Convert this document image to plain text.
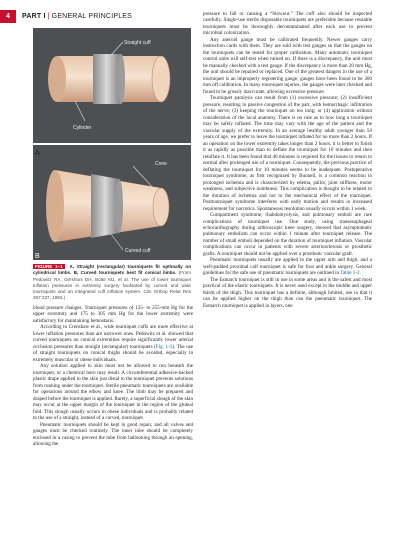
4	PART I | GENERAL PRINCIPLES
Straight cuff
Cylinder
Cone
Curved cuff
A
B
FIGURE 1–1 A, Straight (rectangular) tourniquets fit optimally on cylindrical limbs. B, Curved tourniquets best fit conical limbs. (From Pedowitz RA, Gershuni DH, Botte MJ, et al. The use of lower tourniquet inflation pressures in extremity surgery facilitated by curved and wide tourniquets and an integrated cuff inflation system. Clin Orthop Relat Res 287:237, 1993.)

blood pressure changes. Tourniquet pressures of 135- to 255-mm Hg for the upper extremity and 175 to 305 mm Hg for the lower extremity were satisfactory for maintaining hemostasis.

According to Crenshaw et al., wide tourniquet cuffs are more effective at lower inflation pressures than are narrower ones. Pedowitz et al. showed that curved tourniquets on conical extremities require significantly lower arterial occlusion pressures than straight (rectangular) tourniquets (Fig. 1-1). The use of straight tourniquets on conical thighs should be avoided, especially in extremely muscular or obese individuals.

Any solution applied to skin must not be allowed to run beneath the tourniquet, or a chemical burn may result. A circumferential adhesive-backed plastic drape applied to the skin just distal to the tourniquet prevents solutions from running under the tourniquet. Sterile pneumatic tourniquets are available for operations around the elbow and knee. The limb may be prepared and draped before the tourniquet is applied. Rarely, a superficial slough of the skin may occur at the upper margin of the tourniquet in the region of the gluteal fold. This slough usually occurs in obese individuals and is probably related to the use of a straight, instead of a curved, tourniquet.

Pneumatic tourniquets should be kept in good repair, and all valves and gauges must be checked routinely. The inner tube should be completely enclosed in a casing to prevent the tube from ballooning through an opening, allowing the

pressure to fall or causing a “blowout.” The cuff also should be inspected carefully. Single-use sterile disposable tourniquets are preferable because reusable tourniquets must be thoroughly decontaminated after each use to prevent microbial colonization.

Any aneroid gauge must be calibrated frequently. Newer gauges carry instruction cards with them. They are sold with test gauges so that the gauges on the tourniquets can be tested for proper calibration. Many automatic tourniquet control units will self-test when turned on. If there is a discrepancy, the unit must be manually checked with a test gauge. If the discrepancy is more than 20 mm Hg, the unit should be repaired or replaced. One of the greatest dangers in the use of a tourniquet is an improperly registering gauge, gauges have been found to be 300 mm off calibration. In many tourniquet injuries, the gauges were later checked and found to be grossly inaccurate, allowing excessive pressure.

Tourniquet paralysis can result from (1) excessive pressure; (2) insufficient pressure, resulting in passive congestion of the part, with hemorrhagic infiltration of the nerve; (3) keeping the tourniquet on too long; or (4) application without consideration of the local anatomy. There is no rule as to how long a tourniquet may be safely inflated. The time may vary with the age of the patient and the vascular supply of the extremity. In an average healthy adult younger than 50 years of age, we prefer to leave the tourniquet inflated for no more than 2 hours. If an operation on the lower extremity takes longer than 2 hours, it is better to finish it as rapidly as possible than to deflate the tourniquet for 10 minutes and then reinflate it. It has been found that 40 minutes is required for the tissues to return to normal after prolonged use of a tourniquet. Consequently, the previous practice of deflating the tourniquet for 10 minutes seems to be inadequate. Postoperative tourniquet syndrome, as first recognized by Bunnell, is a common reaction to prolonged ischemia and is characterized by edema, pallor, joint stiffness, motor weakness, and subjective numbness. This complication is thought to be related to the duration of ischemia and not to the mechanical effect of the tourniquet. Posttourniquet syndrome interferes with early motion and results in increased requirement for narcotics. Spontaneous resolution usually occurs within 1 week.

Compartment syndrome, rhabdomyolysis, and pulmonary emboli are rare complications of tourniquet use. One study, using transesophageal echocardiography during arthroscopic knee surgery, showed that asymptomatic pulmonary embolism can occur within 1 minute after tourniquet release. The number of small emboli depended on the duration of tourniquet inflation. Vascular complications can occur in patients with severe arteriosclerosis or prosthetic grafts. A tourniquet should not be applied over a prosthetic vascular graft.

Pneumatic tourniquets usually are applied to the upper arm and thigh, and a well-padded proximal calf tourniquet is safe for foot and ankle surgery. General guidelines for the safe use of pneumatic tourniquets are outlined in Table 1-2.

The Esmarch tourniquet is still in use in some areas and is the safest and most practical of the elastic tourniquets. It is never used except in the middle and upper thirds of the thigh. This tourniquet has a definite, although limited, use in that it can be applied higher on the thigh than can the pneumatic tourniquet. The Esmarch tourniquet is applied in layers, one
